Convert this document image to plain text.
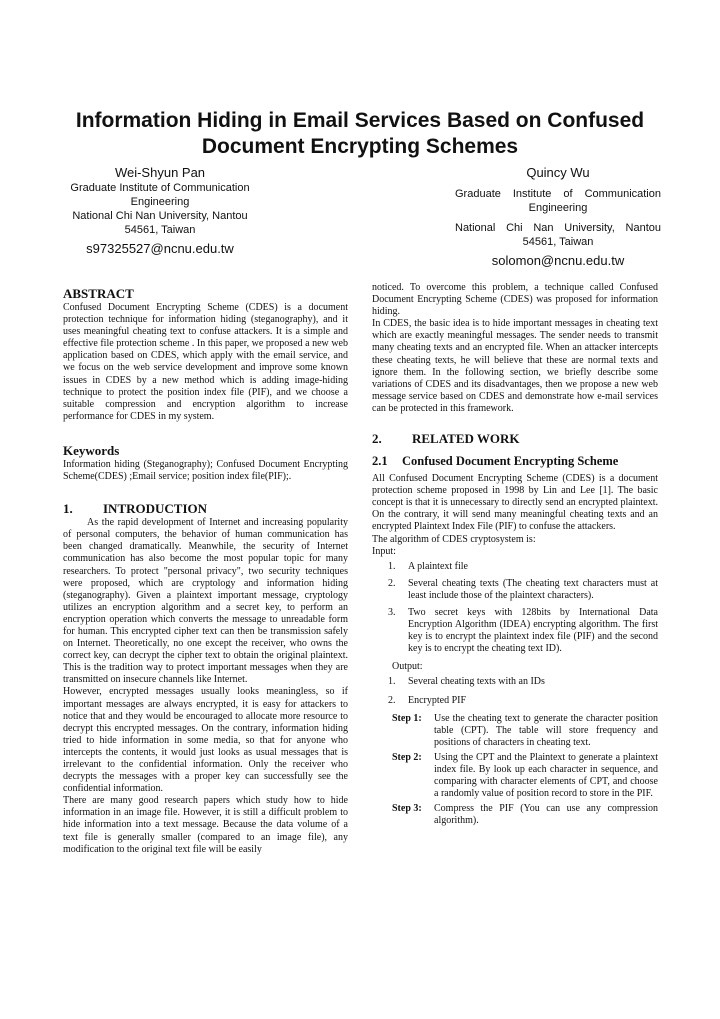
Information Hiding in Email Services Based on Confused Document Encrypting Schemes
Wei-Shyun Pan
Graduate Institute of Communication Engineering
National Chi Nan University, Nantou 54561, Taiwan
s97325527@ncnu.edu.tw
Quincy Wu
Graduate Institute of Communication Engineering
National Chi Nan University, Nantou 54561, Taiwan
solomon@ncnu.edu.tw

ABSTRACT

Confused Document Encrypting Scheme (CDES) is a document protection technique for information hiding (steganography), and it uses meaningful cheating text to confuse attackers. It is a simple and effective file protection scheme . In this paper, we proposed a new web application based on CDES, which apply with the email service, and we focus on the web service development and improve some known issues in CDES by a new method which is adding image-hiding technique to protect the position index file (PIF), and we choose a suitable compression and encryption algorithm to increase performance for CDES in my system.

Keywords

Information hiding (Steganography); Confused Document Encrypting Scheme(CDES) ;Email service; position index file(PIF);.

1.	INTRODUCTION

As the rapid development of Internet and increasing popularity of personal computers, the behavior of human communication has been changed dramatically. Meanwhile, the security of Internet communication has also become the most popular topic for many researchers. To protect "personal privacy", two security techniques were proposed, which are cryptology and information hiding (steganography). Given a plaintext important message, cryptology utilizes an encryption algorithm and a secret key, to perform an encryption operation which converts the message to unreadable form for human. This encrypted cipher text can then be transmission safely on Internet. Theoretically, no one except the receiver, who owns the correct key, can decrypt the cipher text to obtain the original plaintext. This is the tradition way to protect important messages when they are transmitted on insecure channels like Internet.

However, encrypted messages usually looks meaningless, so if important messages are always encrypted, it is easy for attackers to notice that and they would be encouraged to allocate more resource to decrypt this encrypted messages. On the contrary, information hiding tried to hide information in some media, so that for anyone who intercepts the contents, it would just looks as usual messages that is irrelevant to the confidential information. Only the receiver who decrypts the messages with a proper key can successfully see the confidential information.

There are many good research papers which study how to hide information in an image file. However, it is still a difficult problem to hide information into a text message. Because the data volume of a text file is generally smaller (compared to an image file), any modification to the original text file will be easily

noticed. To overcome this problem, a technique called Confused Document Encrypting Scheme (CDES) was proposed for information hiding.

In CDES, the basic idea is to hide important messages in cheating text which are exactly meaningful messages. The sender needs to transmit many cheating texts and an encrypted file. When an attacker intercepts these cheating texts, he will believe that these are normal texts and ignore them. In the following section, we briefly describe some variations of CDES and its disadvantages, then we propose a new web message service based on CDES and demonstrate how e-mail services can be protected in this framework.

2.	RELATED WORK
2.1	Confused Document Encrypting Scheme

All Confused Document Encrypting Scheme (CDES) is a document protection scheme proposed in 1998 by Lin and Lee [1]. The basic concept is that it is unnecessary to directly send an encrypted plaintext. On the contrary, it will send many meaningful cheating texts and an encrypted Plaintext Index File (PIF) to confuse the attackers.

The algorithm of CDES cryptosystem is:

Input:

1.	A plaintext file
2.	Several cheating texts (The cheating text characters must at least include those of the plaintext characters).
3.	Two secret keys with 128bits by International Data Encryption Algorithm (IDEA) encrypting algorithm. The first key is to encrypt the plaintext index file (PIF) and the second key is to encrypt the cheating text ID).

Output:

1.	Several cheating texts with an IDs
2.	Encrypted PIF
Step 1:	Use the cheating text to generate the character position table (CPT). The table will store frequency and positions of characters in cheating text.
Step 2:	Using the CPT and the Plaintext to generate a plaintext index file. By look up each character in sequence, and comparing with character elements of CPT, and choose a randomly value of position record to store in the PIF.
Step 3:	Compress the PIF (You can use any compression algorithm).
